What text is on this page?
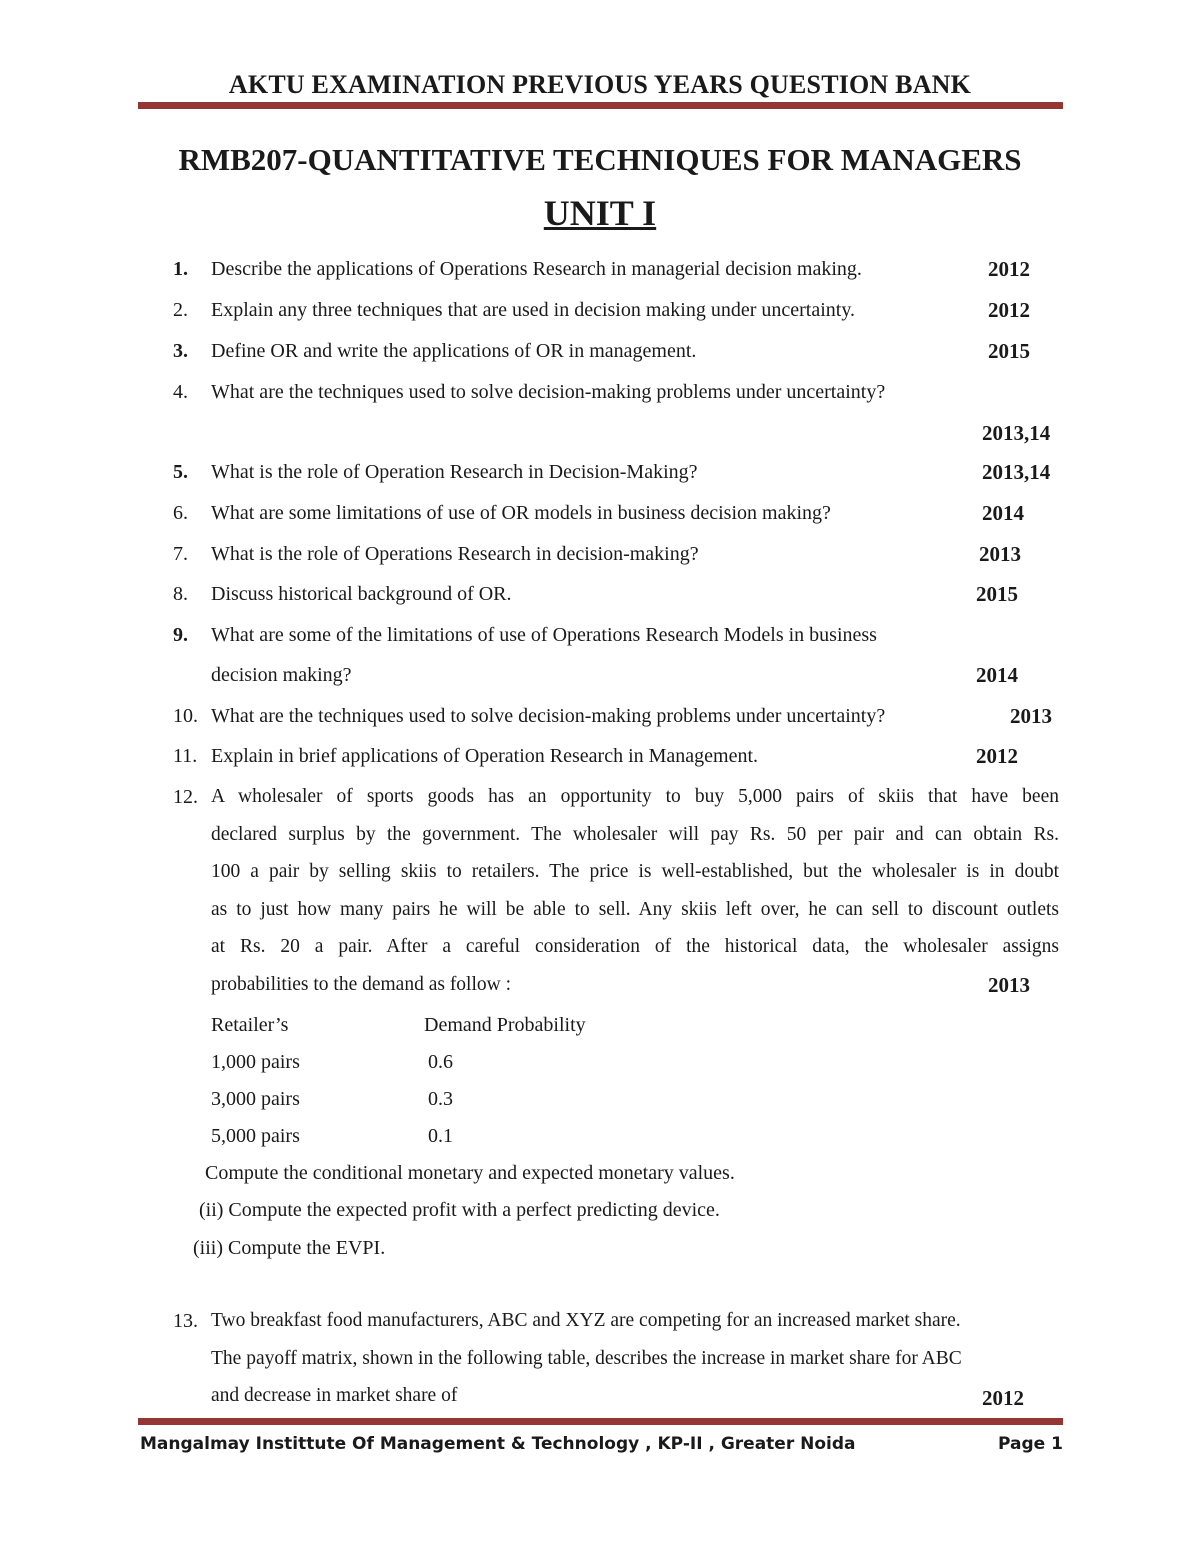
AKTU EXAMINATION PREVIOUS YEARS QUESTION BANK
RMB207-QUANTITATIVE TECHNIQUES FOR MANAGERS
UNIT I
1. Describe the applications of Operations Research in managerial decision making.	2012
2. Explain any three techniques that are used in decision making under uncertainty.	2012
3. Define OR and write the applications of OR in management.	2015
4. What are the techniques used to solve decision-making problems under uncertainty?
2013,14
5. What is the role of Operation Research in Decision-Making?	2013,14
6. What are some limitations of use of OR models in business decision making?	2014
7. What is the role of Operations Research in decision-making?	2013
8. Discuss historical background of OR.	2015
9. What are some of the limitations of use of Operations Research Models in business
decision making?	2014
10. What are the techniques used to solve decision-making problems under uncertainty?	2013
11. Explain in brief applications of Operation Research in Management.	2012
12. A wholesaler of sports goods has an opportunity to buy 5,000 pairs of skiis that have been
declared surplus by the government. The wholesaler will pay Rs. 50 per pair and can obtain Rs.
100 a pair by selling skiis to retailers. The price is well-established, but the wholesaler is in doubt
as to just how many pairs he will be able to sell. Any skiis left over, he can sell to discount outlets
at Rs. 20 a pair. After a careful consideration of the historical data, the wholesaler assigns
probabilities to the demand as follow :	2013
Retailer’s	Demand Probability
1,000 pairs	0.6
3,000 pairs	0.3
5,000 pairs	0.1
Compute the conditional monetary and expected monetary values.
(ii) Compute the expected profit with a perfect predicting device.
(iii) Compute the EVPI.
13. Two breakfast food manufacturers, ABC and XYZ are competing for an increased market share.
The payoff matrix, shown in the following table, describes the increase in market share for ABC
and decrease in market share of	2012
Mangalmay Instittute Of Management & Technology , KP-II , Greater Noida	Page 1
